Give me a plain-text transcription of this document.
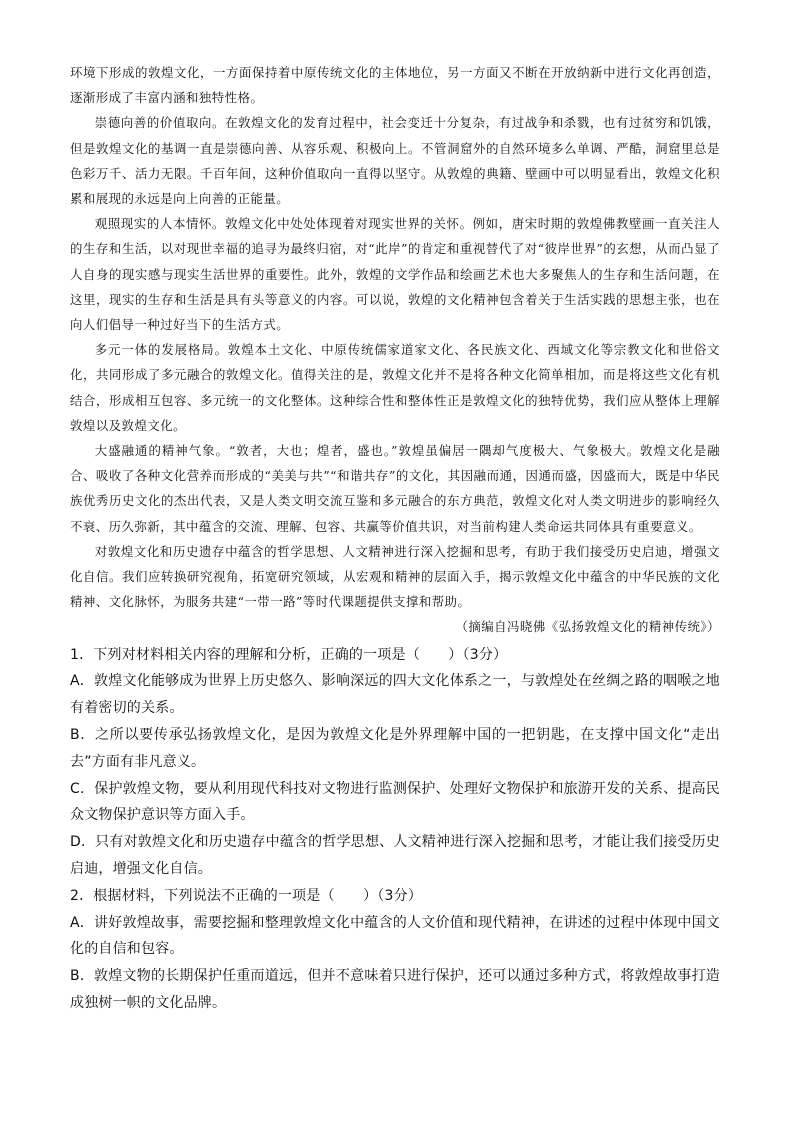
环境下形成的敦煌文化，一方面保持着中原传统文化的主体地位，另一方面又不断在开放纳新中进行文化再创造，逐渐形成了丰富内涵和独特性格。

崇德向善的价值取向。在敦煌文化的发育过程中，社会变迁十分复杂，有过战争和杀戮，也有过贫穷和饥饿，但是敦煌文化的基调一直是崇德向善、从容乐观、积极向上。不管洞窟外的自然环境多么单调、严酷，洞窟里总是色彩万千、活力无限。千百年间，这种价值取向一直得以坚守。从敦煌的典籍、壁画中可以明显看出，敦煌文化积累和展现的永远是向上向善的正能量。

观照现实的人本情怀。敦煌文化中处处体现着对现实世界的关怀。例如，唐宋时期的敦煌佛教壁画一直关注人的生存和生活，以对现世幸福的追寻为最终归宿，对“此岸”的肯定和重视替代了对“彼岸世界”的玄想，从而凸显了人自身的现实感与现实生活世界的重要性。此外，敦煌的文学作品和绘画艺术也大多聚焦人的生存和生活问题，在这里，现实的生存和生活是具有头等意义的内容。可以说，敦煌的文化精神包含着关于生活实践的思想主张，也在向人们倡导一种过好当下的生活方式。

多元一体的发展格局。敦煌本土文化、中原传统儒家道家文化、各民族文化、西域文化等宗教文化和世俗文化，共同形成了多元融合的敦煌文化。值得关注的是，敦煌文化并不是将各种文化简单相加，而是将这些文化有机结合，形成相互包容、多元统一的文化整体。这种综合性和整体性正是敦煌文化的独特优势，我们应从整体上理解敦煌以及敦煌文化。

大盛融通的精神气象。“敦者，大也；煌者，盛也。”敦煌虽偏居一隅却气度极大、气象极大。敦煌文化是融合、吸收了各种文化营养而形成的“美美与共”“和谐共存”的文化，其因融而通，因通而盛，因盛而大，既是中华民族优秀历史文化的杰出代表，又是人类文明交流互鉴和多元融合的东方典范，敦煌文化对人类文明进步的影响经久不衰、历久弥新，其中蕴含的交流、理解、包容、共赢等价值共识，对当前构建人类命运共同体具有重要意义。

对敦煌文化和历史遗存中蕴含的哲学思想、人文精神进行深入挖掘和思考，有助于我们接受历史启迪，增强文化自信。我们应转换研究视角，拓宽研究领域，从宏观和精神的层面入手，揭示敦煌文化中蕴含的中华民族的文化精神、文化脉怀，为服务共建“一带一路”等时代课题提供支撑和帮助。

（摘编自冯晓佛《弘扬敦煌文化的精神传统》）

1．下列对材料相关内容的理解和分析，正确的一项是（　　）（3分）

A．敦煌文化能够成为世界上历史悠久、影响深远的四大文化体系之一，与敦煌处在丝绸之路的咽喉之地有着密切的关系。

B．之所以要传承弘扬敦煌文化，是因为敦煌文化是外界理解中国的一把钥匙，在支撑中国文化“走出去”方面有非凡意义。

C．保护敦煌文物，要从利用现代科技对文物进行监测保护、处理好文物保护和旅游开发的关系、提高民众文物保护意识等方面入手。

D．只有对敦煌文化和历史遗存中蕴含的哲学思想、人文精神进行深入挖掘和思考，才能让我们接受历史启迪，增强文化自信。

2．根据材料，下列说法不正确的一项是（　　）（3分）

A．讲好敦煌故事，需要挖掘和整理敦煌文化中蕴含的人文价值和现代精神，在讲述的过程中体现中国文化的自信和包容。

B．敦煌文物的长期保护任重而道远，但并不意味着只进行保护，还可以通过多种方式，将敦煌故事打造成独树一帜的文化品牌。
